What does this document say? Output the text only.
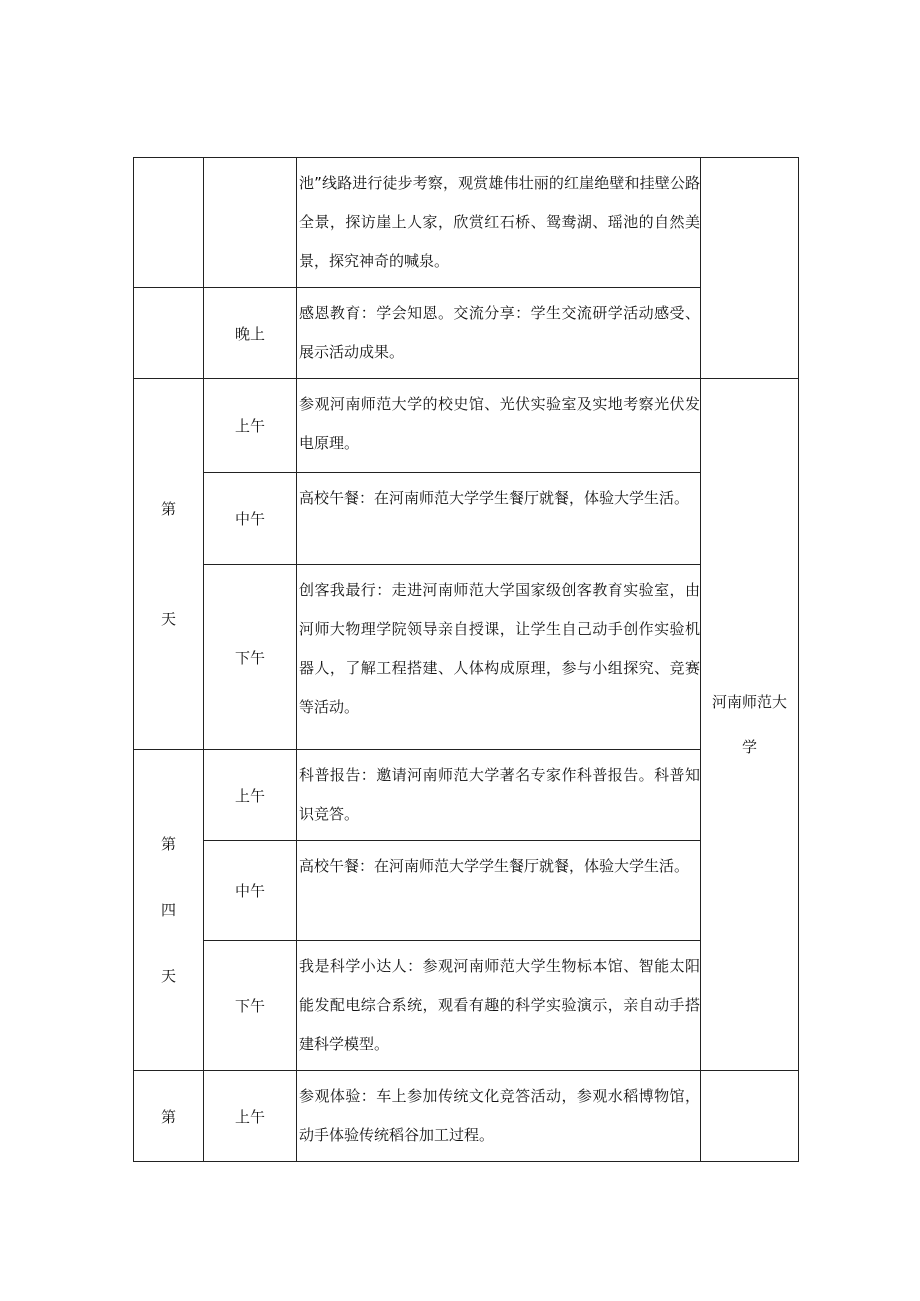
		池”线路进行徒步考察，观赏雄伟壮丽的红崖绝壁和挂壁公路全景，探访崖上人家，欣赏红石桥、鸳鸯湖、瑶池的自然美景，探究神奇的喊泉。	
	晚上	感恩教育：学会知恩。交流分享：学生交流研学活动感受、展示活动成果。	
第

天	上午	参观河南师范大学的校史馆、光伏实验室及实地考察光伏发电原理。	河南师范大学
	中午	高校午餐：在河南师范大学学生餐厅就餐，体验大学生活。	
	下午	创客我最行：走进河南师范大学国家级创客教育实验室，由河师大物理学院领导亲自授课，让学生自己动手创作实验机器人，了解工程搭建、人体构成原理，参与小组探究、竞赛等活动。	
第

四

天	上午	科普报告：邀请河南师范大学著名专家作科普报告。科普知识竞答。	
	中午	高校午餐：在河南师范大学学生餐厅就餐，体验大学生活。	
	下午	我是科学小达人：参观河南师范大学生物标本馆、智能太阳能发配电综合系统，观看有趣的科学实验演示，亲自动手搭建科学模型。	
第	上午	参观体验：车上参加传统文化竞答活动，参观水稻博物馆，动手体验传统稻谷加工过程。	
